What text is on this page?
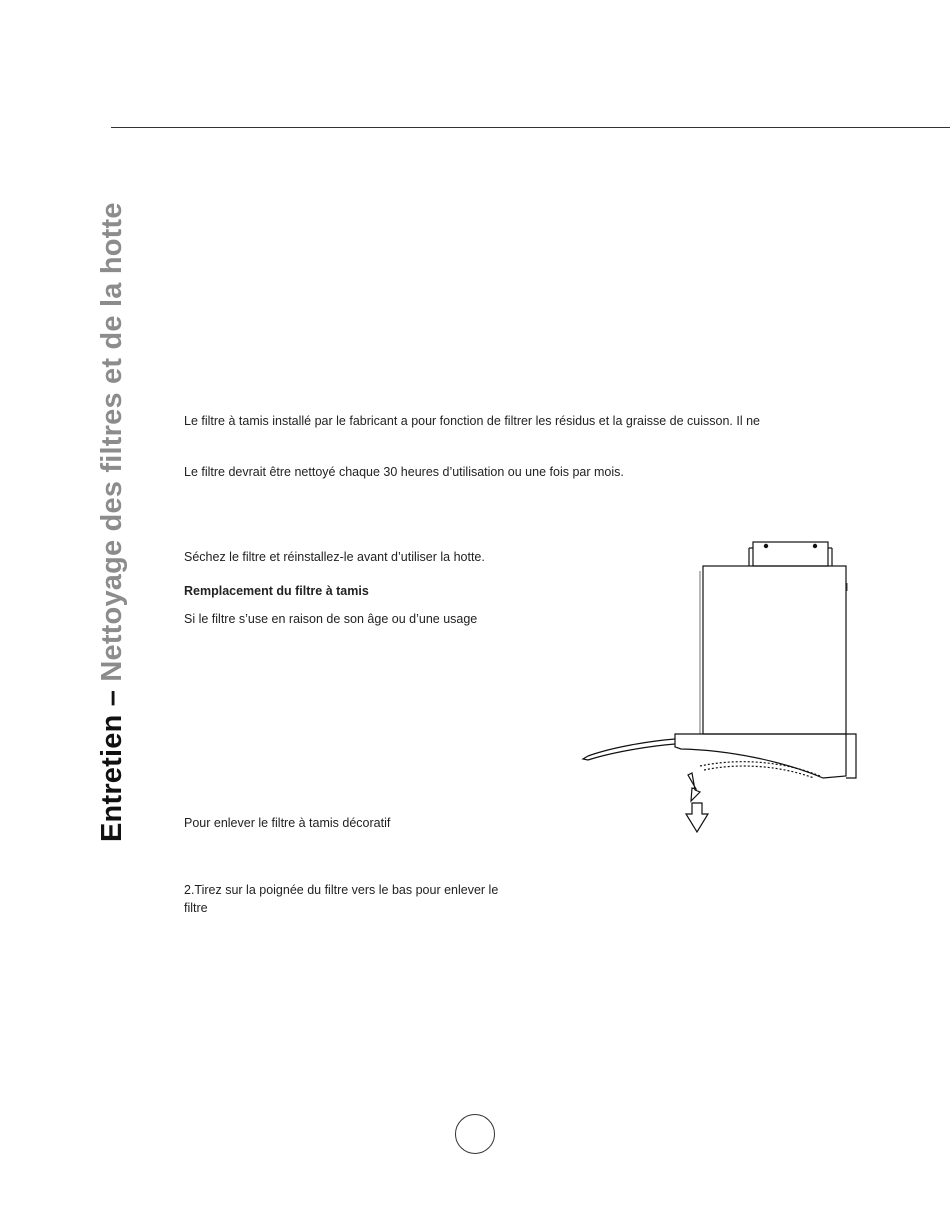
Entretien – Nettoyage des filtres et de la hotte	Le filtre à tamis installé par le fabricant a pour fonction de filtrer les résidus et la graisse de cuisson. Il ne

Le filtre devrait être nettoyé chaque 30 heures d’utilisation ou une fois par mois.

Séchez le filtre et réinstallez-le avant d’utiliser la hotte.

Remplacement du filtre à tamis

Si le filtre s’use en raison de son âge ou d’une usage

Pour enlever le filtre à tamis décoratif

2.Tirez sur la poignée du filtre vers le bas pour enlever le

filtre
